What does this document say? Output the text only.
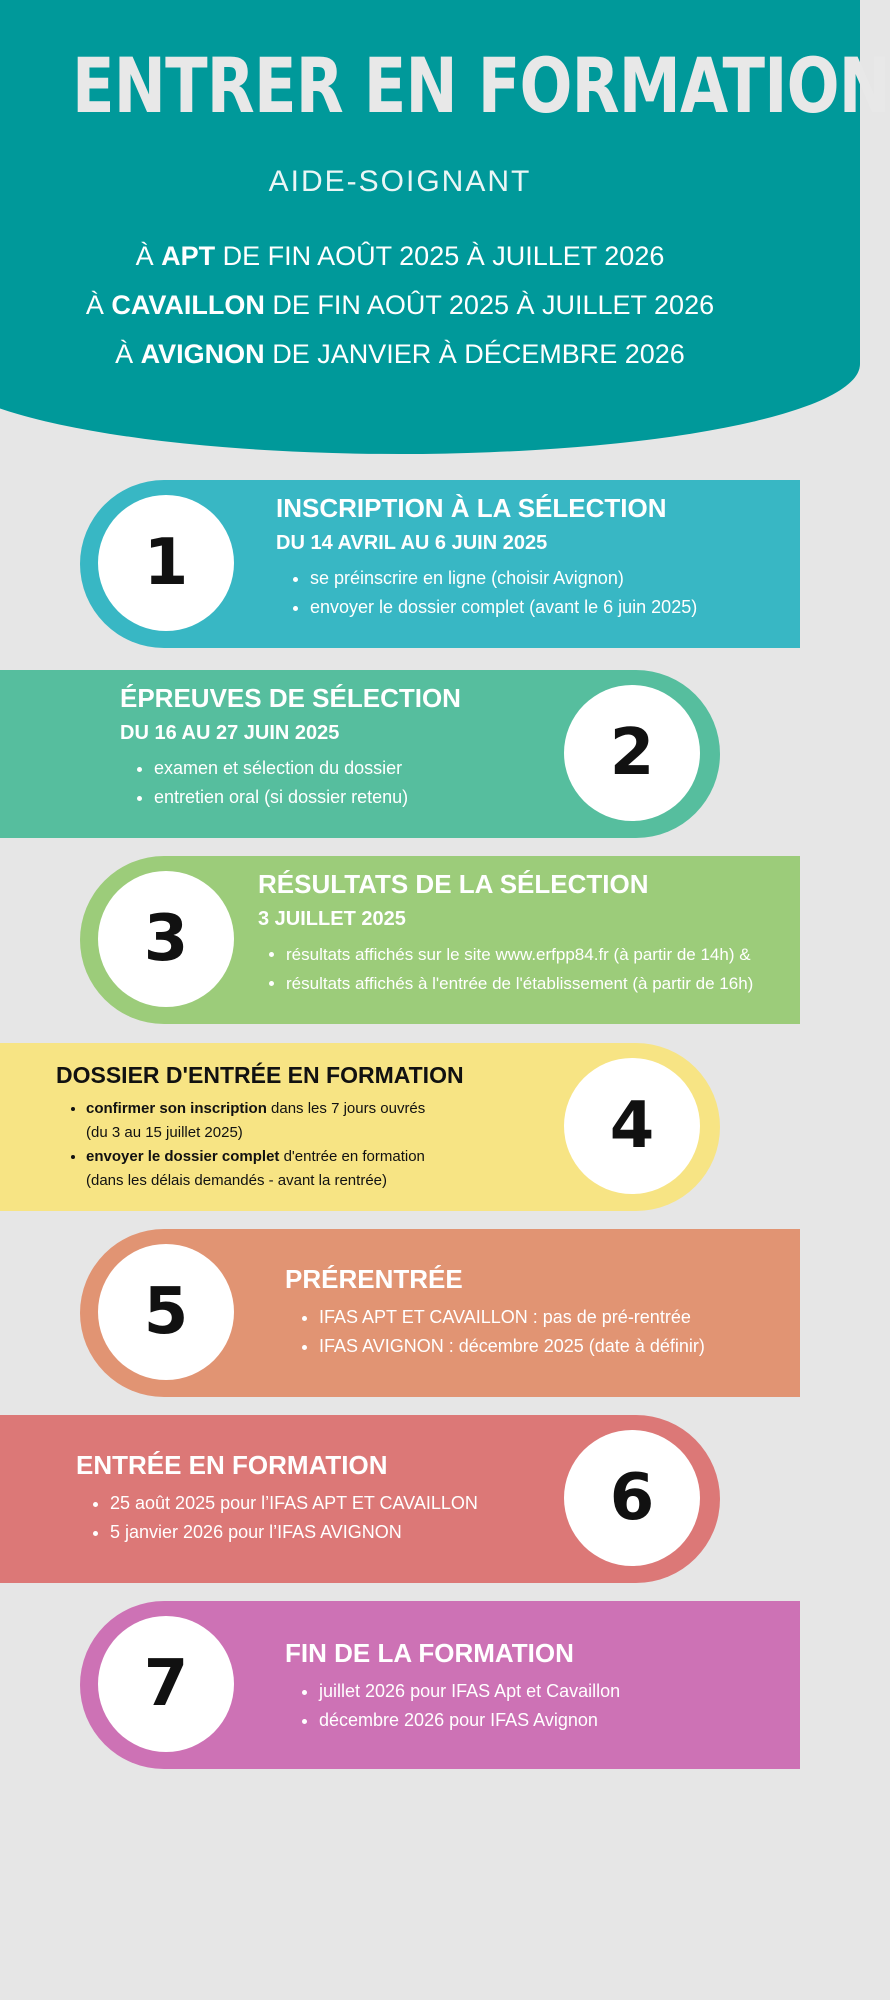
ENTRER EN FORMATION
AIDE-SOIGNANT
À APT DE FIN AOÛT 2025 À JUILLET 2026
À CAVAILLON DE FIN AOÛT 2025 À JUILLET 2026
À AVIGNON DE JANVIER À DÉCEMBRE 2026
1
INSCRIPTION À LA SÉLECTION
DU 14 AVRIL AU 6 JUIN 2025
• se préinscrire en ligne (choisir Avignon)
• envoyer le dossier complet (avant le 6 juin 2025)
2
ÉPREUVES DE SÉLECTION
DU 16 AU 27 JUIN 2025
• examen et sélection du dossier
• entretien oral (si dossier retenu)
3
RÉSULTATS DE LA SÉLECTION
3 JUILLET 2025
• résultats affichés sur le site www.erfpp84.fr (à partir de 14h) &
• résultats affichés à l'entrée de l'établissement (à partir de 16h)
4
DOSSIER D'ENTRÉE EN FORMATION
• confirmer son inscription dans les 7 jours ouvrés
(du 3 au 15 juillet 2025)
• envoyer le dossier complet d'entrée en formation
(dans les délais demandés - avant la rentrée)
5	PRÉRENTRÉE
• IFAS APT ET CAVAILLON : pas de pré-rentrée
• IFAS AVIGNON : décembre 2025 (date à définir)
6
ENTRÉE EN FORMATION
• 25 août 2025 pour l’IFAS APT ET CAVAILLON
• 5 janvier 2026 pour l’IFAS AVIGNON
7	FIN DE LA FORMATION
• juillet 2026 pour IFAS Apt et Cavaillon
• décembre 2026 pour IFAS Avignon
